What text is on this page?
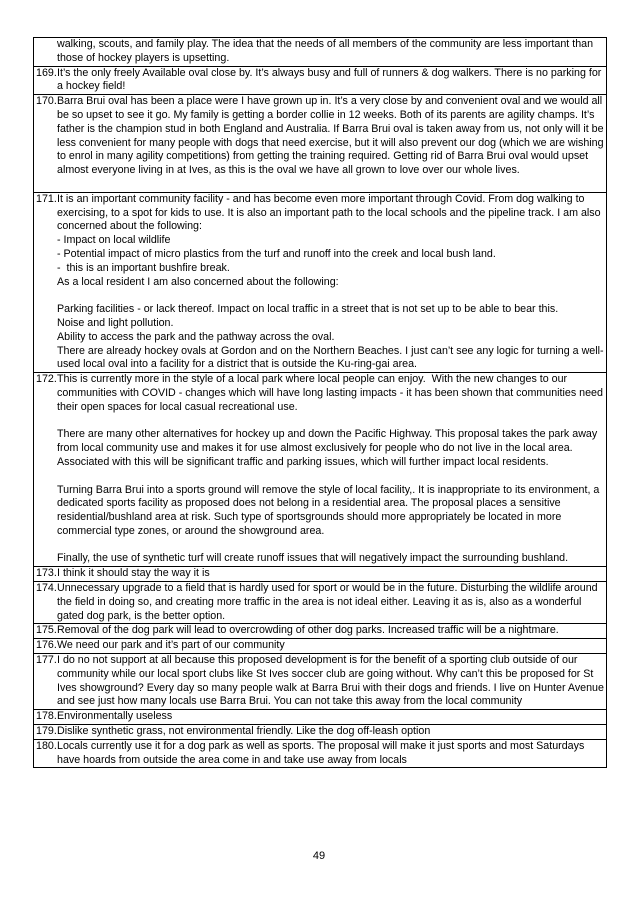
walking, scouts, and family play. The idea that the needs of all members of the community are less important than those of hockey players is upsetting.

169.It’s the only freely Available oval close by. It’s always busy and full of runners & dog walkers. There is no parking for a hockey field!

170.Barra Brui oval has been a place were I have grown up in. It’s a very close by and convenient oval and we would all be so upset to see it go. My family is getting a border collie in 12 weeks. Both of its parents are agility champs. It’s father is the champion stud in both England and Australia. If Barra Brui oval is taken away from us, not only will it be less convenient for many people with dogs that need exercise, but it will also prevent our dog (which we are wishing to enrol in many agility competitions) from getting the training required. Getting rid of Barra Brui oval would upset almost everyone living in at Ives, as this is the oval we have all grown to love over our whole lives.

171.It is an important community facility - and has become even more important through Covid. From dog walking to exercising, to a spot for kids to use. It is also an important path to the local schools and the pipeline track. I am also concerned about the following:

- Impact on local wildlife

- Potential impact of micro plastics from the turf and runoff into the creek and local bush land.

-  this is an important bushfire break.

As a local resident I am also concerned about the following:

Parking facilities - or lack thereof. Impact on local traffic in a street that is not set up to be able to bear this.

Noise and light pollution.

Ability to access the park and the pathway across the oval.

There are already hockey ovals at Gordon and on the Northern Beaches. I just can’t see any logic for turning a well-used local oval into a facility for a district that is outside the Ku-ring-gai area.

172.This is currently more in the style of a local park where local people can enjoy.  With the new changes to our communities with COVID - changes which will have long lasting impacts - it has been shown that communities need their open spaces for local casual recreational use.

There are many other alternatives for hockey up and down the Pacific Highway. This proposal takes the park away from local community use and makes it for use almost exclusively for people who do not live in the local area. Associated with this will be significant traffic and parking issues, which will further impact local residents.

Turning Barra Brui into a sports ground will remove the style of local facility,. It is inappropriate to its environment, a dedicated sports facility as proposed does not belong in a residential area. The proposal places a sensitive residential/bushland area at risk. Such type of sportsgrounds should more appropriately be located in more commercial type zones, or around the showground area.

Finally, the use of synthetic turf will create runoff issues that will negatively impact the surrounding bushland.

173.I think it should stay the way it is

174.Unnecessary upgrade to a field that is hardly used for sport or would be in the future. Disturbing the wildlife around the field in doing so, and creating more traffic in the area is not ideal either. Leaving it as is, also as a wonderful gated dog park, is the better option.

175.Removal of the dog park will lead to overcrowding of other dog parks. Increased traffic will be a nightmare.

176.We need our park and it’s part of our community

177.I do no not support at all because this proposed development is for the benefit of a sporting club outside of our community while our local sport clubs like St Ives soccer club are going without. Why can’t this be proposed for St Ives showground? Every day so many people walk at Barra Brui with their dogs and friends. I live on Hunter Avenue and see just how many locals use Barra Brui. You can not take this away from the local community

178.Environmentally useless

179.Dislike synthetic grass, not environmental friendly. Like the dog off-leash option

180.Locals currently use it for a dog park as well as sports. The proposal will make it just sports and most Saturdays have hoards from outside the area come in and take use away from locals

49
